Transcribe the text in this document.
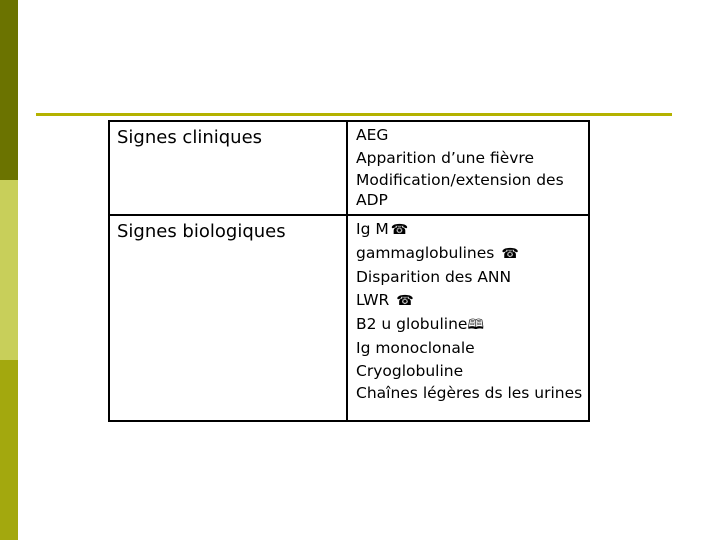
Signes cliniques	AEG
Apparition d’une fièvre
Modification/extension des ADP
Signes biologiques	Ig M ☎
gammaglobulines ☎
Disparition des ANN
LWR ☎
B2 u globuline🕮
Ig monoclonale
Cryoglobuline
Chaînes légères ds les urines
